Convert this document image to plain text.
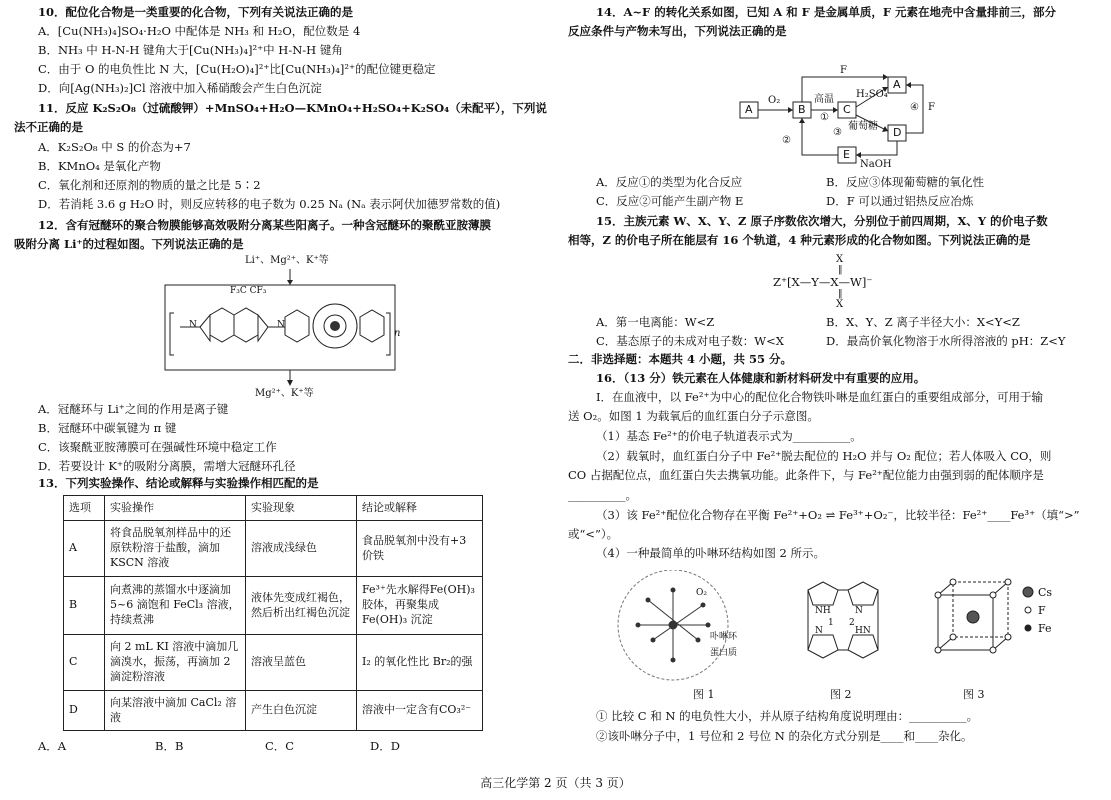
10．配位化合物是一类重要的化合物，下列有关说法正确的是
A．[Cu(NH₃)₄]SO₄·H₂O 中配体是 NH₃ 和 H₂O，配位数是 4
B．NH₃ 中 H-N-H 键角大于[Cu(NH₃)₄]²⁺中 H-N-H 键角
C．由于 O 的电负性比 N 大，[Cu(H₂O)₄]²⁺比[Cu(NH₃)₄]²⁺的配位键更稳定
D．向[Ag(NH₃)₂]Cl 溶液中加入稀硝酸会产生白色沉淀
11．反应 K₂S₂O₈（过硫酸钾）+MnSO₄+H₂O—KMnO₄+H₂SO₄+K₂SO₄（未配平），下列说
法不正确的是
A．K₂S₂O₈ 中 S 的价态为+7
B．KMnO₄ 是氧化产物
C．氧化剂和还原剂的物质的量之比是 5∶2
D．若消耗 3.6 g H₂O 时，则反应转移的电子数为 0.25 Nₐ (Nₐ 表示阿伏加德罗常数的值)
12．含有冠醚环的聚合物膜能够高效吸附分离某些阳离子。一种含冠醚环的聚酰亚胺薄膜
吸附分离 Li⁺的过程如图。下列说法正确的是
Li⁺、Mg²⁺、K⁺等
F₃C CF₃
n
N	N
Mg²⁺、K⁺等
A．冠醚环与 Li⁺之间的作用是离子键
B．冠醚环中碳氧键为 π 键
C．该聚酰亚胺薄膜可在强碱性环境中稳定工作
D．若要设计 K⁺的吸附分离膜，需增大冠醚环孔径
13．下列实验操作、结论或解释与实验操作相匹配的是
选项	实验操作	实验现象	结论或解释
A	将食品脱氧剂样品中的还原铁粉溶于盐酸，滴加KSCN 溶液	溶液成浅绿色	食品脱氧剂中没有+3 价铁
B	向煮沸的蒸馏水中逐滴加5~6 滴饱和 FeCl₃ 溶液，持续煮沸	液体先变成红褐色，然后析出红褐色沉淀	Fe³⁺先水解得Fe(OH)₃ 胶体，再聚集成 Fe(OH)₃ 沉淀
C	向 2 mL KI 溶液中滴加几滴溴水，振荡，再滴加 2 滴淀粉溶液	溶液呈蓝色	I₂ 的氧化性比 Br₂的强
D	向某溶液中滴加 CaCl₂ 溶液	产生白色沉淀	溶液中一定含有CO₃²⁻
A．A	B．B	C．C	D．D
14．A~F 的转化关系如图，已知 A 和 F 是金属单质，F 元素在地壳中含量排前三，部分
反应条件与产物未写出，下列说法正确的是
A	B	C
A
D
E
O₂	高温
①
H₂SO₄
F
④ F
②
③
葡萄糖
NaOH
A．反应①的类型为化合反应	B．反应③体现葡萄糖的氧化性
C．反应②可能产生副产物 E	D．F 可以通过铝热反应冶炼
15．主族元素 W、X、Y、Z 原子序数依次增大，分别位于前四周期，X、Y 的价电子数
相等，Z 的价电子所在能层有 16 个轨道，4 种元素形成的化合物如图。下列说法正确的是
X
‖
Z⁺[X—Y—X—W]⁻
‖
X
A．第一电离能：W<Z	B．X、Y、Z 离子半径大小：X<Y<Z
C．基态原子的未成对电子数：W<X	D．最高价氧化物溶于水所得溶液的 pH：Z<Y
二．非选择题：本题共 4 小题，共 55 分。
16．（13 分）铁元素在人体健康和新材料研发中有重要的应用。
I．在血液中，以 Fe²⁺为中心的配位化合物铁卟啉是血红蛋白的重要组成部分，可用于输
送 O₂。如图 1 为载氧后的血红蛋白分子示意图。
（1）基态 Fe²⁺的价电子轨道表示式为__________。
（2）载氧时，血红蛋白分子中 Fe²⁺脱去配位的 H₂O 并与 O₂ 配位；若人体吸入 CO，则
CO 占据配位点，血红蛋白失去携氧功能。此条件下，与 Fe²⁺配位能力由强到弱的配体顺序是
__________。
（3）该 Fe²⁺配位化合物存在平衡 Fe²⁺+O₂ ⇌ Fe³⁺+O₂⁻，比较半径：Fe²⁺____Fe³⁺（填“>”
或“<”）。
（4）一种最简单的卟啉环结构如图 2 所示。
O₂
卟啉环
蛋白质
NH	N
N	HN
1 2
Cs
F
Fe
图 1	图 2	图 3
① 比较 C 和 N 的电负性大小，并从原子结构角度说明理由：__________。
②该卟啉分子中，1 号位和 2 号位 N 的杂化方式分别是____和____杂化。
高三化学第 2 页（共 3 页）
